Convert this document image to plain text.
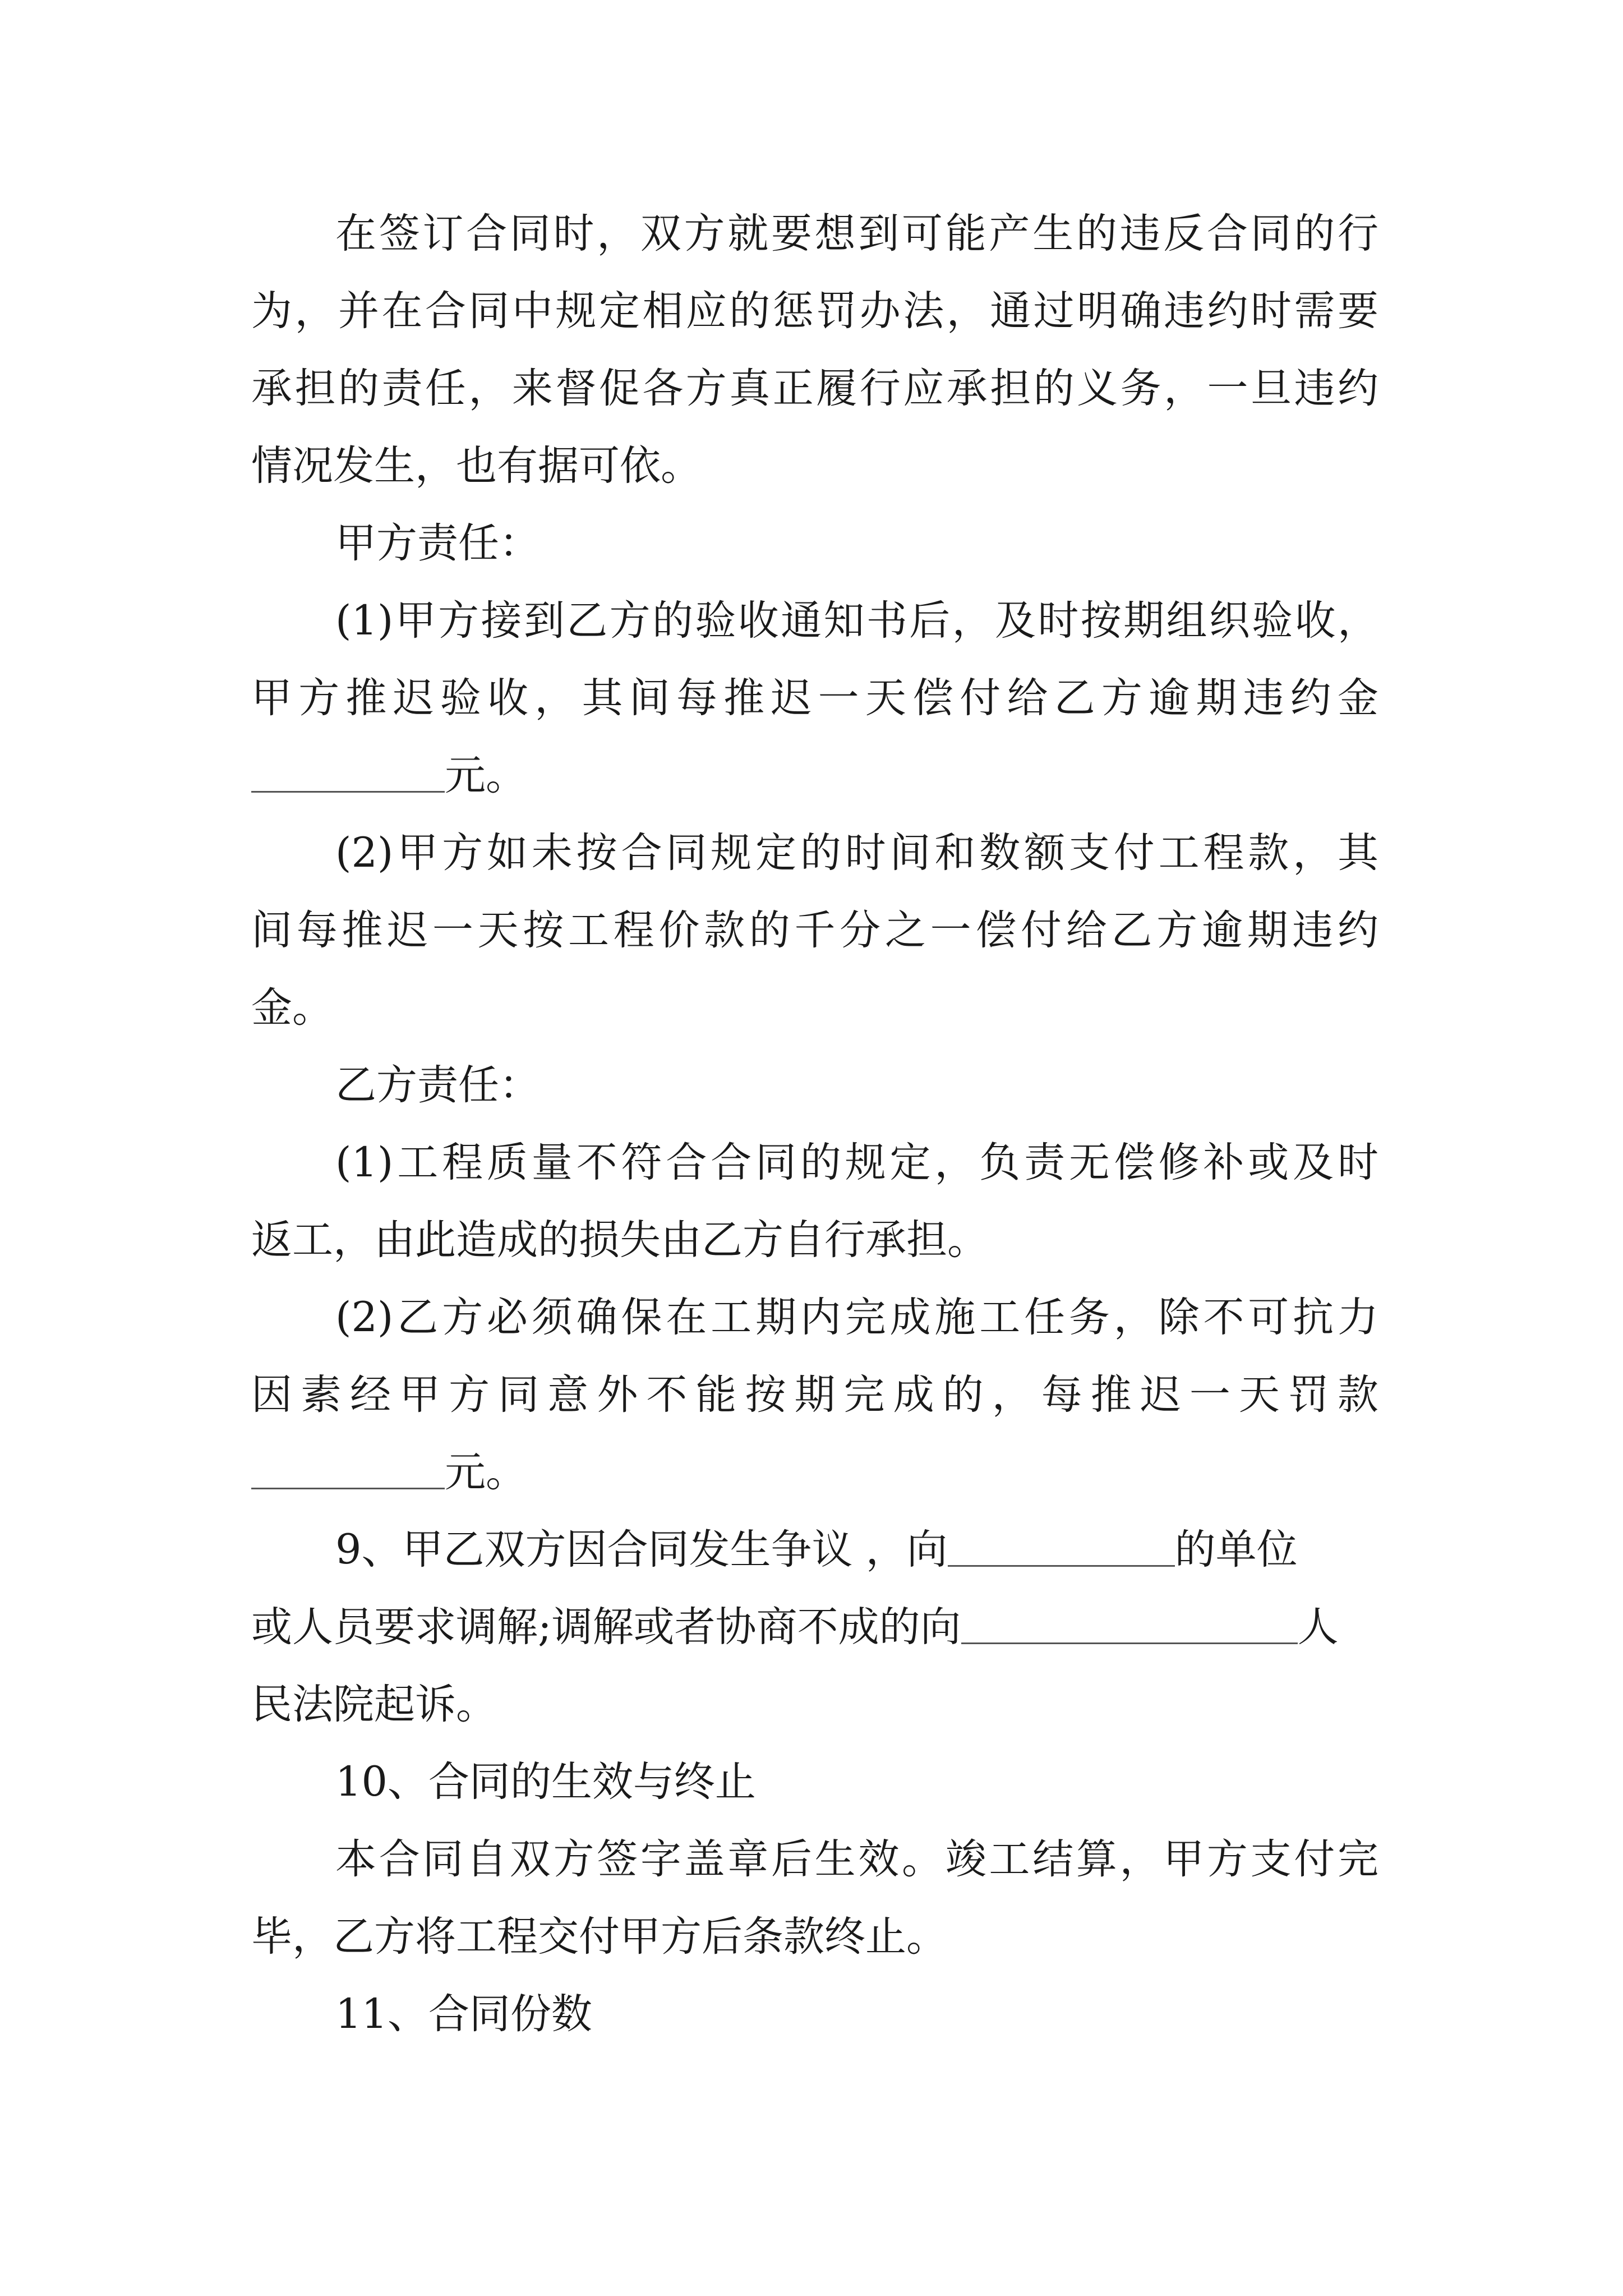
在签订合同时，双方就要想到可能产生的违反合同的行
为，并在合同中规定相应的惩罚办法，通过明确违约时需要
承担的责任，来督促各方真正履行应承担的义务，一旦违约
情况发生，也有据可依。
甲方责任：
(1)甲方接到乙方的验收通知书后，及时按期组织验收，
甲方推迟验收，其间每推迟一天偿付给乙方逾期违约金
元。
(2)甲方如未按合同规定的时间和数额支付工程款，其
间每推迟一天按工程价款的千分之一偿付给乙方逾期违约
金。
乙方责任：
(1)工程质量不符合合同的规定，负责无偿修补或及时
返工，由此造成的损失由乙方自行承担。
(2)乙方必须确保在工期内完成施工任务，除不可抗力
因素经甲方同意外不能按期完成的，每推迟一天罚款
元。
9、甲乙双方因合同发生争议 ，向	的单位
或人员要求调解;调解或者协商不成的向	人
民法院起诉。
10、合同的生效与终止
本合同自双方签字盖章后生效。竣工结算，甲方支付完
毕，乙方将工程交付甲方后条款终止。
11、合同份数
